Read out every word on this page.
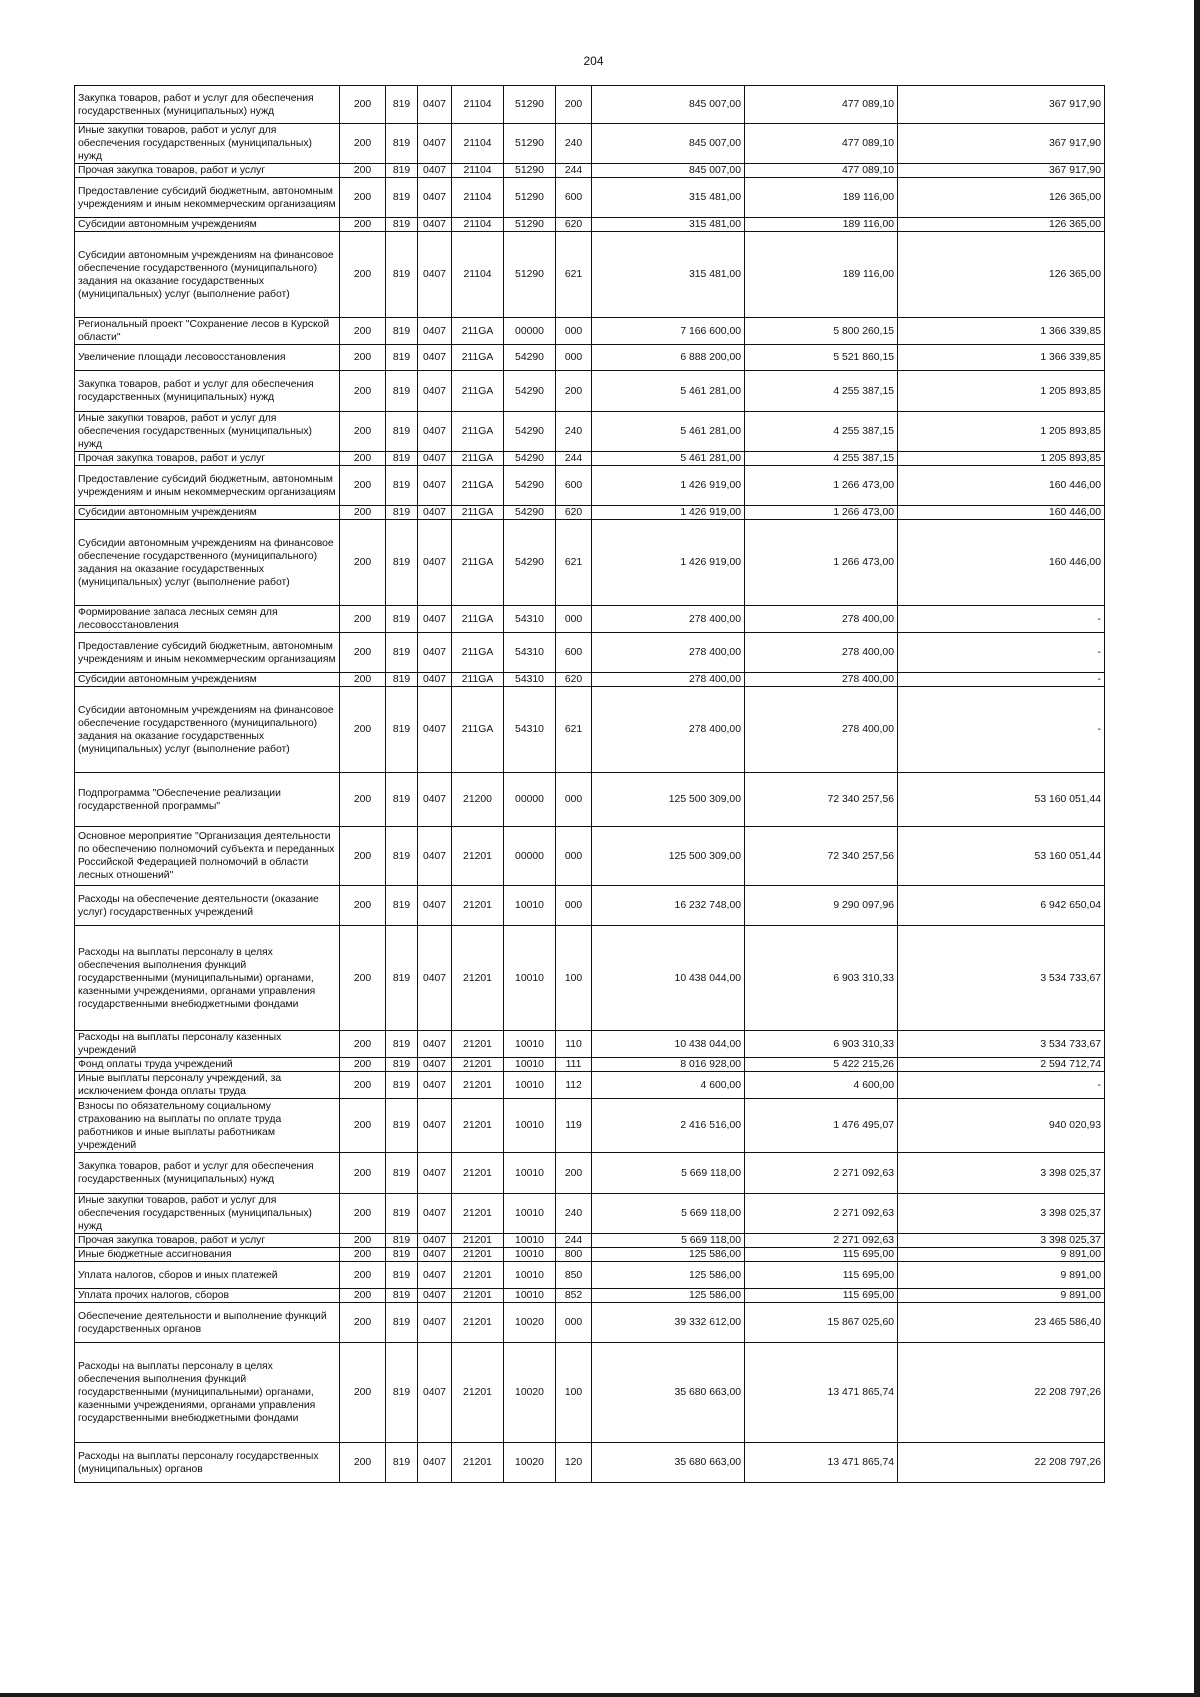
204
Закупка товаров, работ и услуг для обеспечения государственных (муниципальных) нужд	200	819	0407	21104	51290	200	845 007,00	477 089,10	367 917,90
Иные закупки товаров, работ и услуг для обеспечения государственных (муниципальных) нужд	200	819	0407	21104	51290	240	845 007,00	477 089,10	367 917,90
Прочая закупка товаров, работ и услуг	200	819	0407	21104	51290	244	845 007,00	477 089,10	367 917,90
Предоставление субсидий бюджетным, автономным учреждениям и иным некоммерческим организациям	200	819	0407	21104	51290	600	315 481,00	189 116,00	126 365,00
Субсидии автономным учреждениям	200	819	0407	21104	51290	620	315 481,00	189 116,00	126 365,00
Субсидии автономным учреждениям на финансовое обеспечение государственного (муниципального) задания на оказание государственных (муниципальных) услуг (выполнение работ)	200	819	0407	21104	51290	621	315 481,00	189 116,00	126 365,00
Региональный проект "Сохранение лесов в Курской области"	200	819	0407	211GA	00000	000	7 166 600,00	5 800 260,15	1 366 339,85
Увеличение площади лесовосстановления	200	819	0407	211GA	54290	000	6 888 200,00	5 521 860,15	1 366 339,85
Закупка товаров, работ и услуг для обеспечения государственных (муниципальных) нужд	200	819	0407	211GA	54290	200	5 461 281,00	4 255 387,15	1 205 893,85
Иные закупки товаров, работ и услуг для обеспечения государственных (муниципальных) нужд	200	819	0407	211GA	54290	240	5 461 281,00	4 255 387,15	1 205 893,85
Прочая закупка товаров, работ и услуг	200	819	0407	211GA	54290	244	5 461 281,00	4 255 387,15	1 205 893,85
Предоставление субсидий бюджетным, автономным учреждениям и иным некоммерческим организациям	200	819	0407	211GA	54290	600	1 426 919,00	1 266 473,00	160 446,00
Субсидии автономным учреждениям	200	819	0407	211GA	54290	620	1 426 919,00	1 266 473,00	160 446,00
Субсидии автономным учреждениям на финансовое обеспечение государственного (муниципального) задания на оказание государственных (муниципальных) услуг (выполнение работ)	200	819	0407	211GA	54290	621	1 426 919,00	1 266 473,00	160 446,00
Формирование запаса лесных семян для лесовосстановления	200	819	0407	211GA	54310	000	278 400,00	278 400,00	-
Предоставление субсидий бюджетным, автономным учреждениям и иным некоммерческим организациям	200	819	0407	211GA	54310	600	278 400,00	278 400,00	-
Субсидии автономным учреждениям	200	819	0407	211GA	54310	620	278 400,00	278 400,00	-
Субсидии автономным учреждениям на финансовое обеспечение государственного (муниципального) задания на оказание государственных (муниципальных) услуг (выполнение работ)	200	819	0407	211GA	54310	621	278 400,00	278 400,00	-
Подпрограмма "Обеспечение реализации государственной программы"	200	819	0407	21200	00000	000	125 500 309,00	72 340 257,56	53 160 051,44
Основное мероприятие "Организация деятельности по обеспечению полномочий субъекта и переданных Российской Федерацией полномочий в области лесных отношений"	200	819	0407	21201	00000	000	125 500 309,00	72 340 257,56	53 160 051,44
Расходы на обеспечение деятельности (оказание услуг) государственных учреждений	200	819	0407	21201	10010	000	16 232 748,00	9 290 097,96	6 942 650,04
Расходы на выплаты персоналу в целях обеспечения выполнения функций государственными (муниципальными) органами, казенными учреждениями, органами управления государственными внебюджетными фондами	200	819	0407	21201	10010	100	10 438 044,00	6 903 310,33	3 534 733,67
Расходы на выплаты персоналу казенных учреждений	200	819	0407	21201	10010	110	10 438 044,00	6 903 310,33	3 534 733,67
Фонд оплаты труда учреждений	200	819	0407	21201	10010	111	8 016 928,00	5 422 215,26	2 594 712,74
Иные выплаты персоналу учреждений, за исключением фонда оплаты труда	200	819	0407	21201	10010	112	4 600,00	4 600,00	-
Взносы по обязательному социальному страхованию на выплаты по оплате труда работников и иные выплаты работникам учреждений	200	819	0407	21201	10010	119	2 416 516,00	1 476 495,07	940 020,93
Закупка товаров, работ и услуг для обеспечения государственных (муниципальных) нужд	200	819	0407	21201	10010	200	5 669 118,00	2 271 092,63	3 398 025,37
Иные закупки товаров, работ и услуг для обеспечения государственных (муниципальных) нужд	200	819	0407	21201	10010	240	5 669 118,00	2 271 092,63	3 398 025,37
Прочая закупка товаров, работ и услуг	200	819	0407	21201	10010	244	5 669 118,00	2 271 092,63	3 398 025,37
Иные бюджетные ассигнования	200	819	0407	21201	10010	800	125 586,00	115 695,00	9 891,00
Уплата налогов, сборов и иных платежей	200	819	0407	21201	10010	850	125 586,00	115 695,00	9 891,00
Уплата прочих налогов, сборов	200	819	0407	21201	10010	852	125 586,00	115 695,00	9 891,00
Обеспечение деятельности и выполнение функций государственных органов	200	819	0407	21201	10020	000	39 332 612,00	15 867 025,60	23 465 586,40
Расходы на выплаты персоналу в целях обеспечения выполнения функций государственными (муниципальными) органами, казенными учреждениями, органами управления государственными внебюджетными фондами	200	819	0407	21201	10020	100	35 680 663,00	13 471 865,74	22 208 797,26
Расходы на выплаты персоналу государственных (муниципальных) органов	200	819	0407	21201	10020	120	35 680 663,00	13 471 865,74	22 208 797,26
